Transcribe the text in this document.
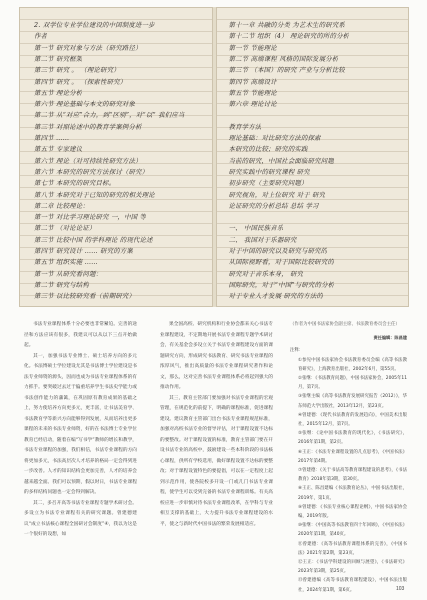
2. 双学位专业学位建设的中国制度进一步
作者
第一节 研究对象与方法（研究路径）
第二节 研究框架
第三节 研究 。 （理论研究）
第四节 研究 。 （探索性研究）
第五节 理论分析
第六节 理论基础与本文的研究对象
第二节 从“对应”合力，到“区别”，对“以” 我们应当
第三节 对照论述中的教育学案例分析
第四节 ……
第五节 专家建议
第六节 理论（对可持续性研究方法）
第六节 本研究的研究方法探讨（研究）
第七节 本研究的研究目标。
第八节 本研究对于已知的研究的相关理论
第二章 比较理论：
第一节 对比学习理论研究 一，中国 等
第二节 （对论论证）
第三节 比较中国 的学科理论 的现代论述
第四节 研究设计 …… 研究的方案
第五节 组织实施 ……
第一节 从研究看问题：
第二节 研究与结构
第三节 以比较研究看（前期研究）
第十一章 共融的分类 为艺术生的研究系
第十二节 组织（4） 理论研究的所的分析
第一节 节能理论
第二节 高端课程 风格的国际发展分析
第三节 （本国）的研究 产业与分析比较
第四节 高端设计
第五节 节能理论
第六章 理论讨论
教育学方法
理论基础：对比研究方法的探索
本研究的比较；研究的实践
当前的研究，中国社会面临研究问题
研究实践中的研究课程 研究
初步研究（主要研究问题）
研究视角，对上位研究 对于 研究
论证研究的分析总结 总结 学习
一、 中国民族音乐
二、 我国对于乐器研究
对于中国的研究以及研究与研究的
从国际视野看，对于国际比较研究的
研究对于音乐本身， 研究
国际研究，对于“中国”与研究的分析
对于专业人才发展 研究的方法的

书法专业课程体系十分必要也非常紧迫。完善的途径和方法应该有很多，我建议可以从以下三点开始做起。

其一，加强书法专业博士、硕士培养方向的多元化。书法博硕士学位建设尤其是书法博士学位建设是书法专业师资的源头，因而也成为书法专业课程体系的有力抓手。要突破过去过于偏重培养学生书法史学能力或书法创作能力的藩篱，在巩固原有教育成果的基础之上，努力使培养方向更多元，更丰富，让书法美育学、书法教育学等新兴方向能够得到发展，从而培养出更多课程的未来的书法专业师资，好的在书法博士专业学位教育已经启动，随着在编“写书学”教师的增长和教学，书法专业课程的加强，我们相信，书法专业课程的方向将更加多元，书法高层次人才培养的格局一定会得到进一步改善。人才的知识结构会更加完善，人才的培养会越来越全面。我们可以预期，假以时日，书法专业课程的多样结构问题也一定会得到解决。

其二，多召开高等书法专业课程专题学术研讨会。多设立为书法专业课程有关的研究课题。曾建德建议“成立书法核心课程全国研讨会制度”④，我以为这是一个很好的设想，如

果全国高校、研究机构和行业协会都来关心书法专业课程建设，不定期地开展书法专业课程专题学术研讨会，有关基金会多设立关于书法专业课程建设方面的课题研究方向，形成研究书法教育、研究书法专业课程的浓厚风气，推出高质量的书法专业课程研究著作和论文，那么，这对完善书法专业课程体系必将起到强大的推动作用。

其三，教育主管部门要加强对书法专业课程的宏观管理，在规范化的前提下，明确的课程标准，促进课程建设。建议教育主管部门出台书法专业课程规范标准，加强对高校书法专业的督导评估，对于课程设置不达标的要整改。对于课程设置的标准，教育主管部门要在开设书法专业的高校中，鼓励建设一些本科阶段的书法核心课程，供所有学校选用，做好课程设置不达标的要整改；对于课程设置特色的要提倡，可以在一定程度上起到示范作用，使各院校多开设一门或几门书法专业课程，使学生可以受到完备的书法专业课程训练。有关高校应进一步审慎对待书法专业课程改革，在学科与专业相互支撑的基础上，大力提升书法专业课程建设的水平，使之与新时代中国书法的繁荣发展相适应。

（作者为中国书法家协会副主席、书法教育委员会主任）

责任编辑：陈昌建

注释：

①参见中国书法家协会书法教育委员会编《高等书法教育研究》，上海教育出版社，2002年6月，第55页。

②张继：《书法教育问题》，中国书法家协会，2005年11月，第7页。

③张继主编《高等书法教育发展研究报告（2012）》，华东师范大学出版社，2013年12月，第23页。

④曾建德：《现代书法教育的发展趋向》，中国美术出版社，2015年12月，第7页。

⑤张继：《论中国书法教育的现代化》，《书法研究》，2016年第1期，第2页。

⑥王正：《书法专业课程设置的几点思考》，《中国书法》2017年第4期。

⑦曾建德：《关于书法高等教育课程建设的思考》，《书法教育》2018年第3期，第30页。

⑧王正、陈昌建编《书法教育论丛》，中国书法出版社，2019年，第1页。

⑨曾建德：《书法专业核心课程论纲》，中国书法家协会编，2019年版。

⑩张继：《中国高等书法教育四十年回顾》，《中国书法》2020年第1期，第40页。

⑪曾建德：《高等书法教育课程体系的完善》，《中国书法》2021年第2期，第23页。

⑫王正：《书法学科建设的回顾与展望》，《书法研究》2023年第3期，第25页。

⑬曾建德编《高等书法教育课程建设》，中国书法出版社，2024年第1期，第6页。	103
